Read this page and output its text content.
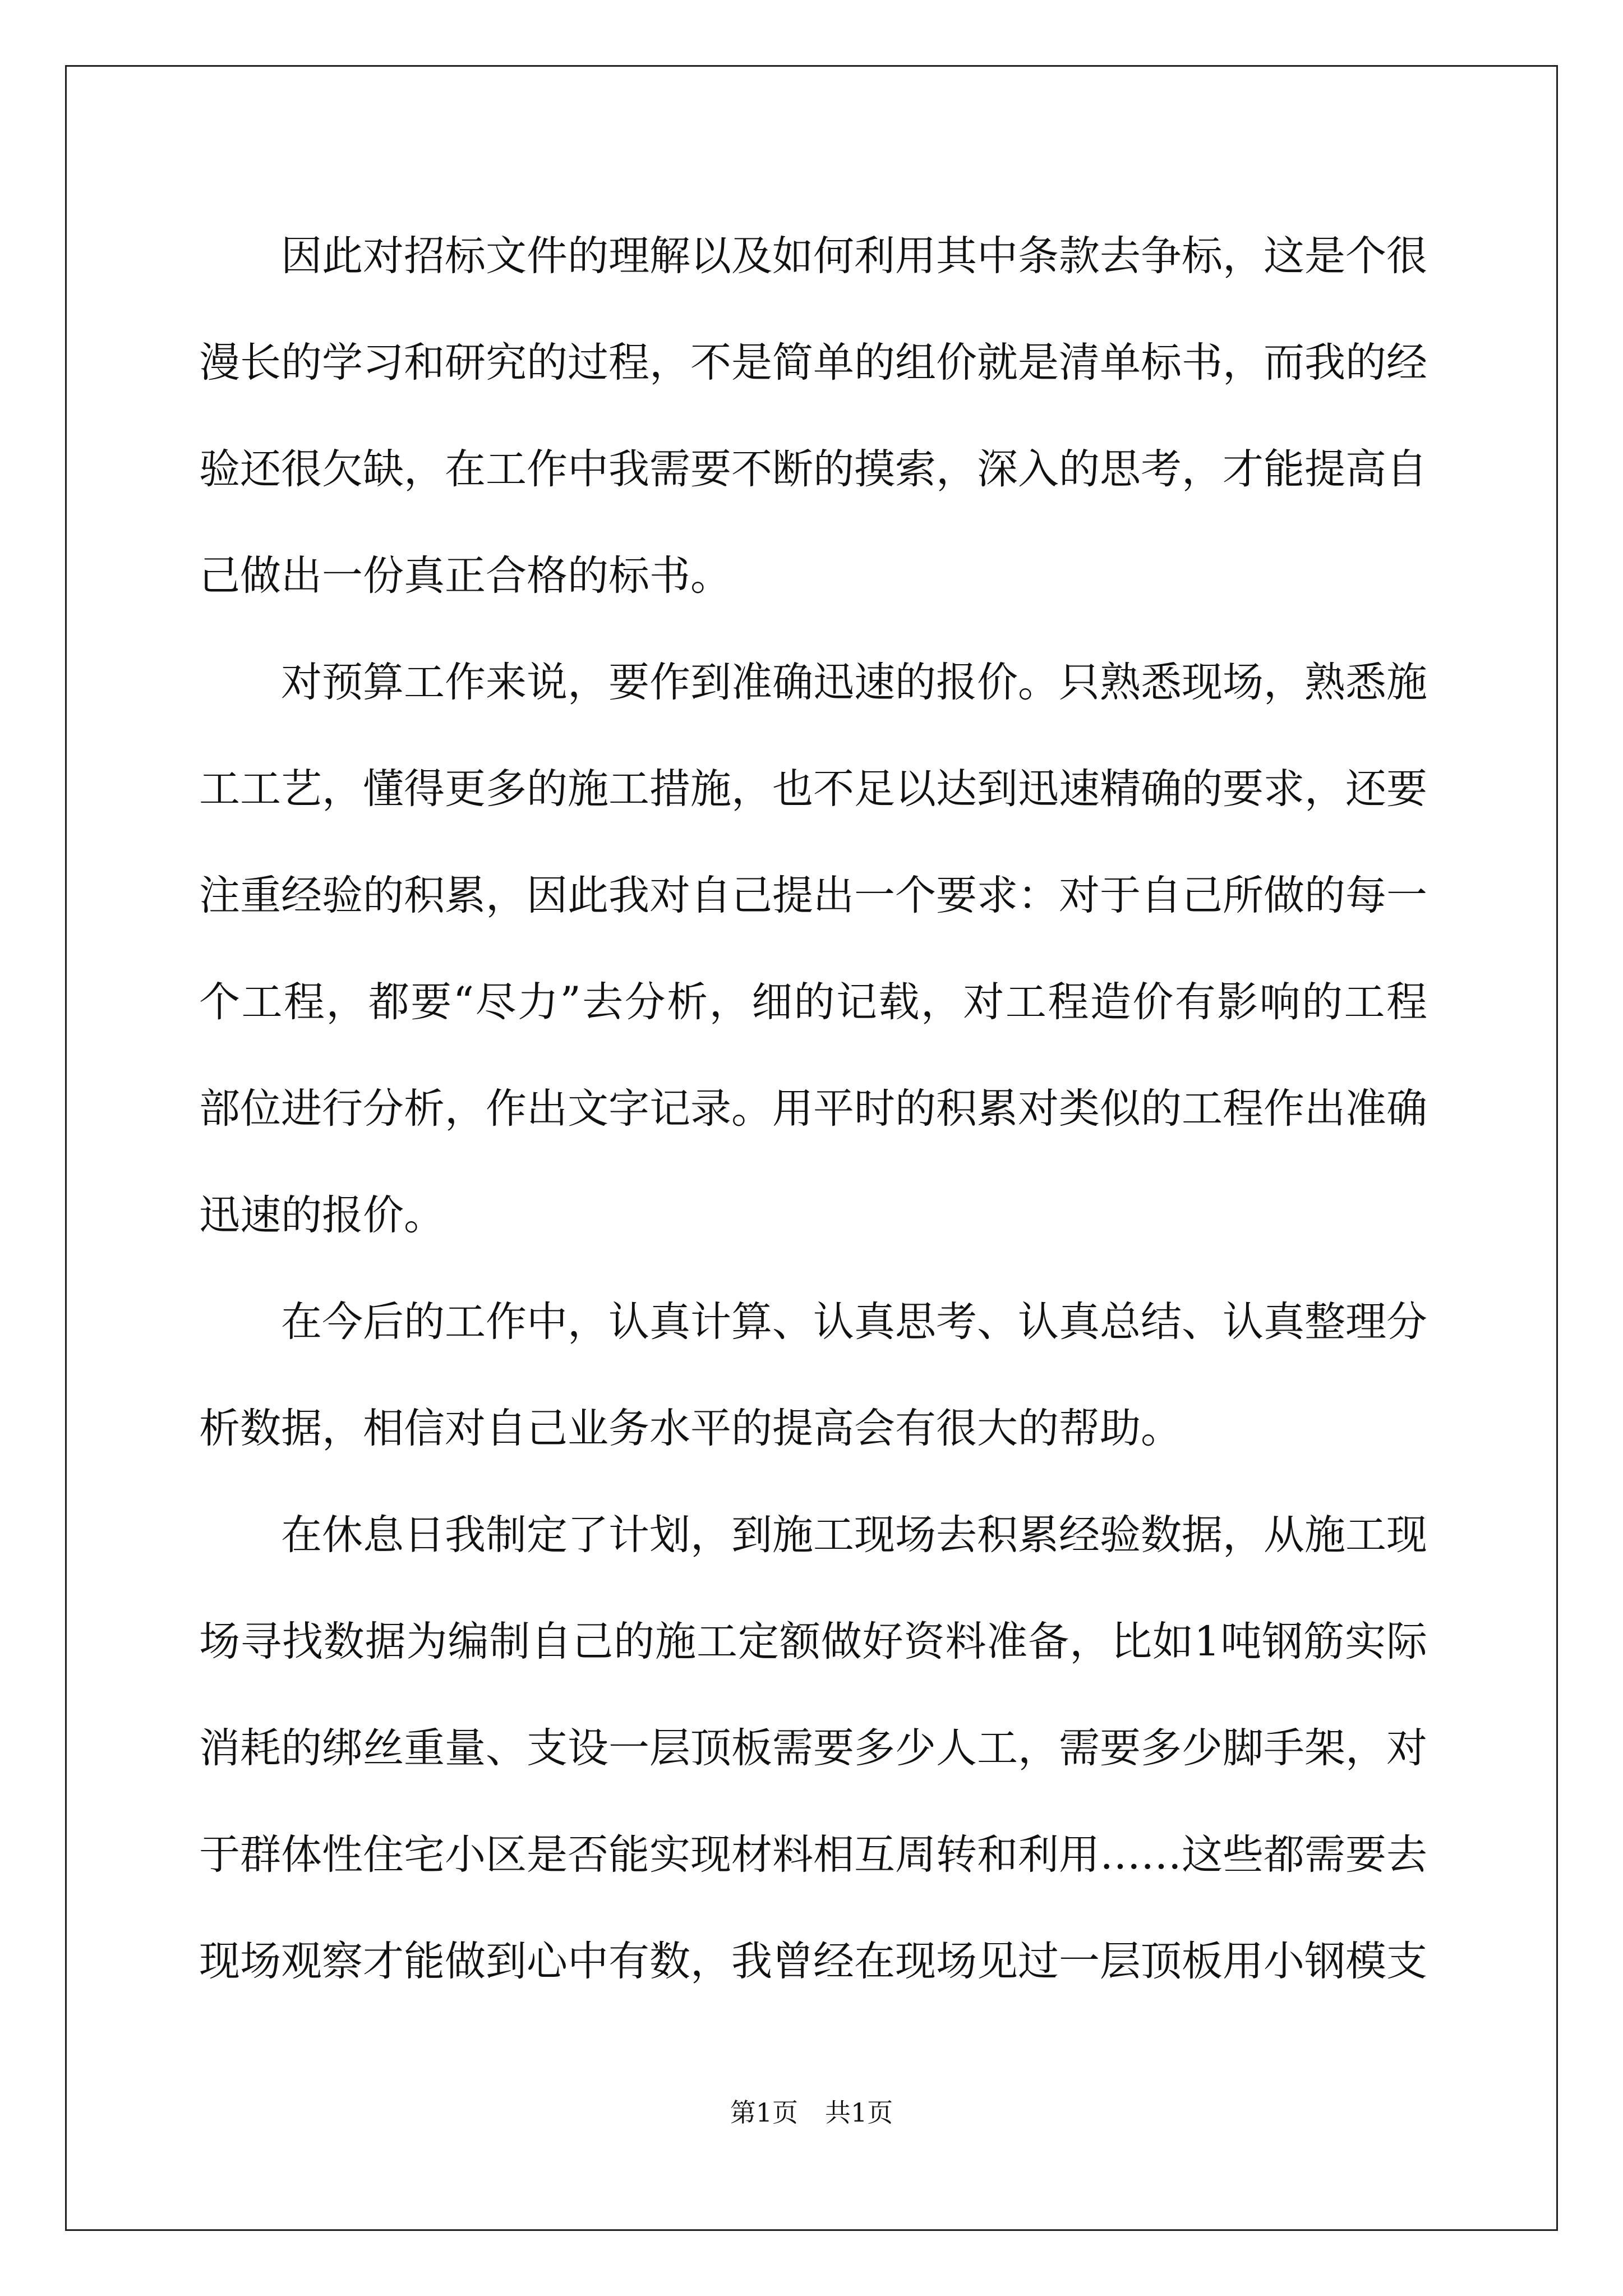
因此对招标文件的理解以及如何利用其中条款去争标，这是个很漫长的学习和研究的过程，不是简单的组价就是清单标书，而我的经验还很欠缺，在工作中我需要不断的摸索，深入的思考，才能提高自己做出一份真正合格的标书。

对预算工作来说，要作到准确迅速的报价。只熟悉现场，熟悉施工工艺，懂得更多的施工措施，也不足以达到迅速精确的要求，还要注重经验的积累，因此我对自己提出一个要求：对于自己所做的每一个工程，都要“尽力”去分析，细的记载，对工程造价有影响的工程部位进行分析，作出文字记录。用平时的积累对类似的工程作出准确迅速的报价。

在今后的工作中，认真计算、认真思考、认真总结、认真整理分析数据，相信对自己业务水平的提高会有很大的帮助。

在休息日我制定了计划，到施工现场去积累经验数据，从施工现场寻找数据为编制自己的施工定额做好资料准备，比如1吨钢筋实际消耗的绑丝重量、支设一层顶板需要多少人工，需要多少脚手架，对于群体性住宅小区是否能实现材料相互周转和利用……这些都需要去现场观察才能做到心中有数，我曾经在现场见过一层顶板用小钢模支

第1页 共1页
